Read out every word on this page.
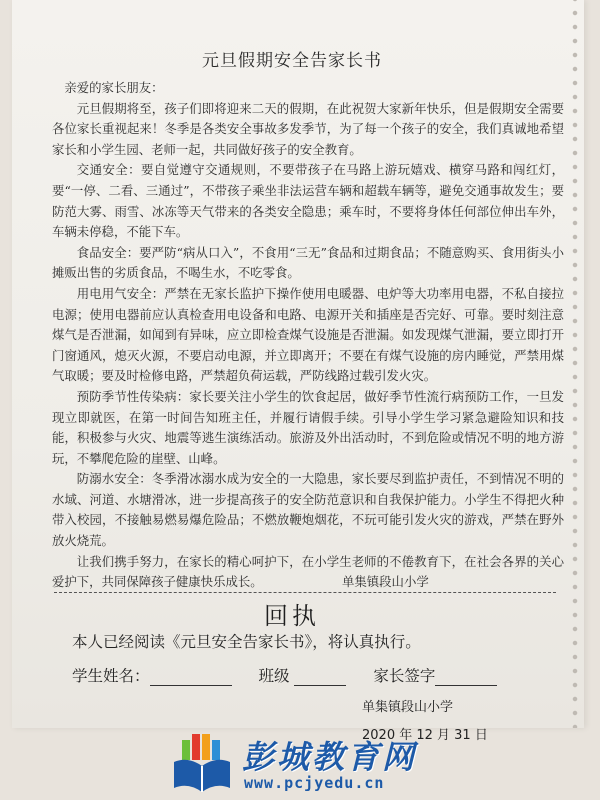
元旦假期安全告家长书

亲爱的家长朋友：

元旦假期将至，孩子们即将迎来二天的假期，在此祝贺大家新年快乐，但是假期安全需要各位家长重视起来！冬季是各类安全事故多发季节，为了每一个孩子的安全，我们真诚地希望家长和小学生园、老师一起，共同做好孩子的安全教育。

交通安全：要自觉遵守交通规则，不要带孩子在马路上游玩嬉戏、横穿马路和闯红灯，要“一停、二看、三通过”，不带孩子乘坐非法运营车辆和超载车辆等，避免交通事故发生；要防范大雾、雨雪、冰冻等天气带来的各类安全隐患；乘车时，不要将身体任何部位伸出车外，车辆未停稳，不能下车。

食品安全：要严防“病从口入”，不食用“三无”食品和过期食品；不随意购买、食用街头小摊贩出售的劣质食品，不喝生水，不吃零食。

用电用气安全：严禁在无家长监护下操作使用电暖器、电炉等大功率用电器，不私自接拉电源；使用电器前应认真检查用电设备和电路、电源开关和插座是否完好、可靠。要时刻注意煤气是否泄漏，如闻到有异味，应立即检查煤气设施是否泄漏。如发现煤气泄漏，要立即打开门窗通风，熄灭火源，不要启动电源，并立即离开；不要在有煤气设施的房内睡觉，严禁用煤气取暖；要及时检修电路，严禁超负荷运载，严防线路过载引发火灾。

预防季节性传染病：家长要关注小学生的饮食起居，做好季节性流行病预防工作，一旦发现立即就医，在第一时间告知班主任，并履行请假手续。引导小学生学习紧急避险知识和技能，积极参与火灾、地震等逃生演练活动。旅游及外出活动时，不到危险或情况不明的地方游玩，不攀爬危险的崖壁、山峰。

防溺水安全：冬季滑冰溺水成为安全的一大隐患，家长要尽到监护责任，不到情况不明的水域、河道、水塘滑冰，进一步提高孩子的安全防范意识和自我保护能力。小学生不得把火种带入校园，不接触易燃易爆危险品；不燃放鞭炮烟花，不玩可能引发火灾的游戏，严禁在野外放火烧荒。

让我们携手努力，在家长的精心呵护下，在小学生老师的不倦教育下，在社会各界的关心爱护下，共同保障孩子健康快乐成长。	单集镇段山小学
回执
本人已经阅读《元旦安全告家长书》，将认真执行。
学生姓名：	班级	家长签字
单集镇段山小学
2020 年 12 月 31 日
彭城教育网
www.pcjyedu.cn
